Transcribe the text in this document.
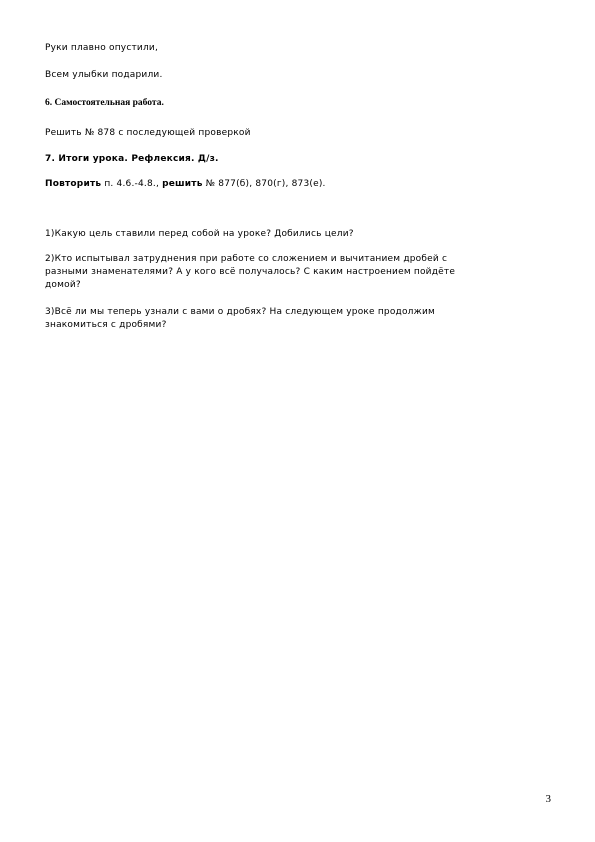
Руки плавно опустили,

Всем улыбки подарили.

6. Самостоятельная работа.

Решить № 878 с последующей проверкой

7. Итоги урока. Рефлексия. Д/з.

Повторить п. 4.6.-4.8., решить № 877(б), 870(г), 873(е).

1)Какую цель ставили перед собой на уроке? Добились цели?

2)Кто испытывал затруднения при работе со сложением и вычитанием дробей с

разными знаменателями? А у кого всё получалось? С каким настроением пойдёте

домой?

3)Всё ли мы теперь узнали с вами о дробях? На следующем уроке продолжим

знакомиться с дробями?

3
